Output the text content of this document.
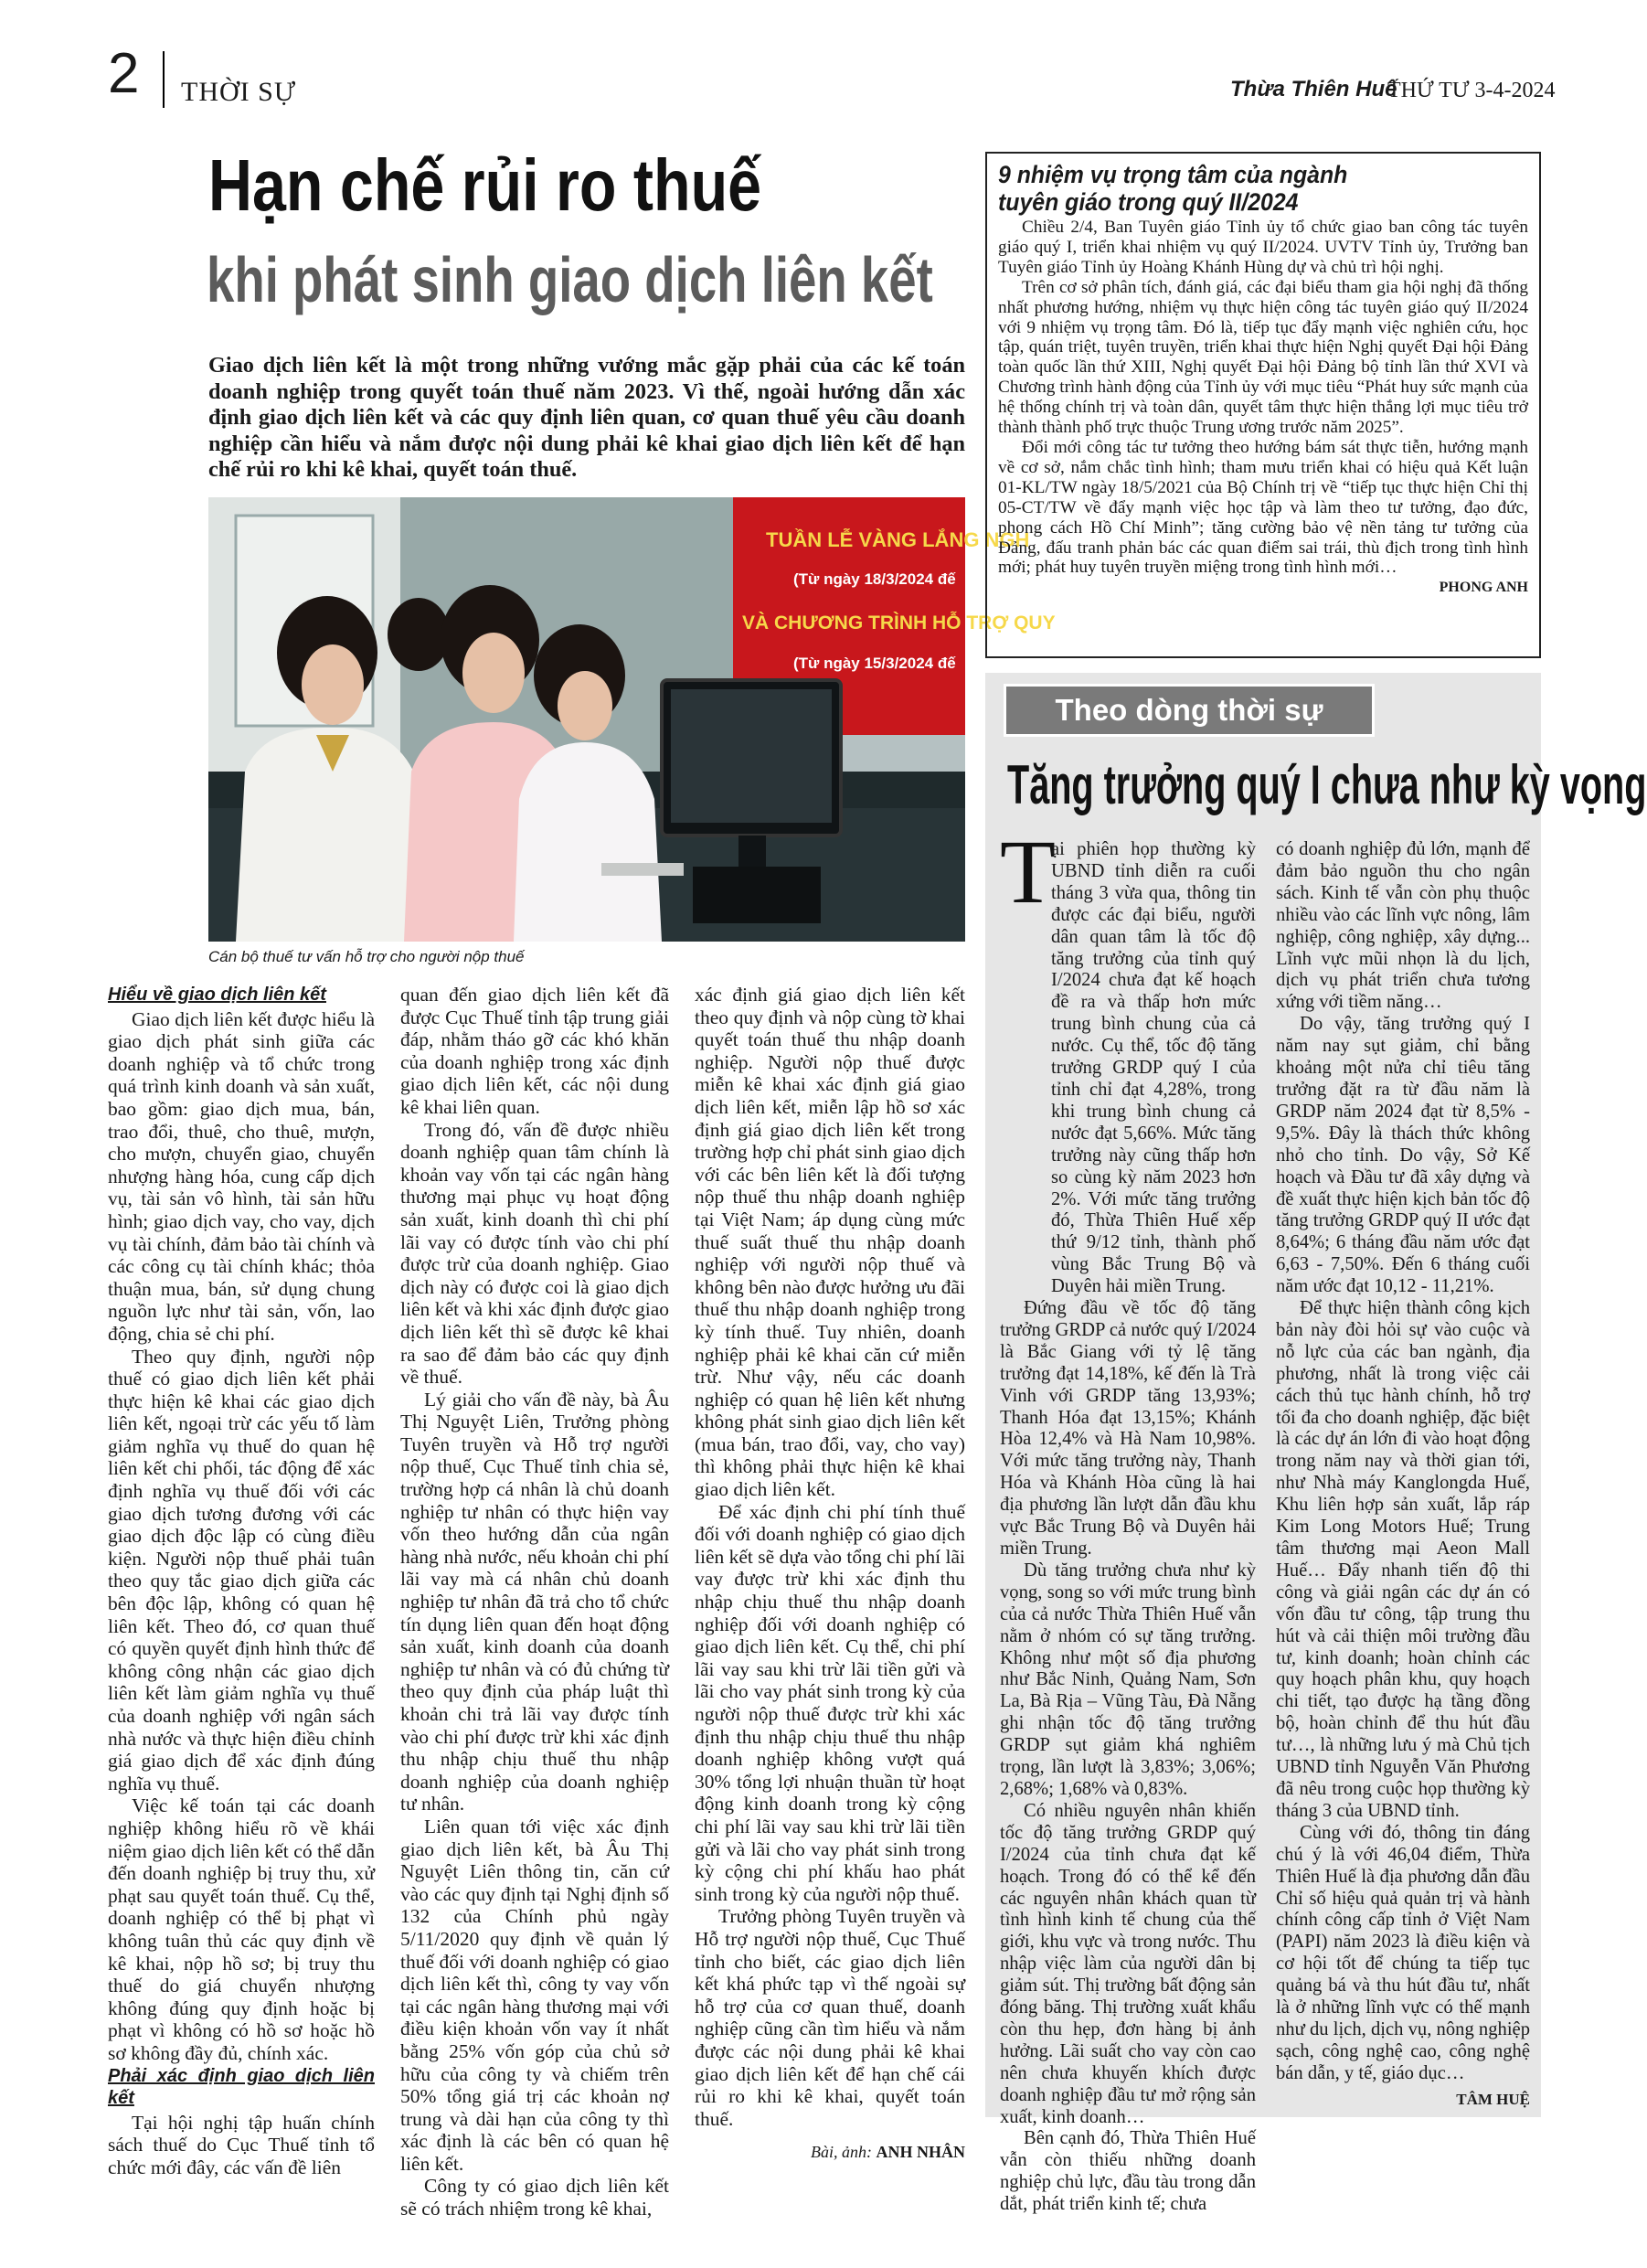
2 THỜI SỰ	Thừa Thiên Huế
THỨ TƯ 3-4-2024
Hạn chế rủi ro thuế
khi phát sinh giao dịch liên kết
Giao dịch liên kết là một trong những vướng mắc gặp phải của các kế toán doanh nghiệp trong quyết toán thuế năm 2023. Vì thế, ngoài hướng dẫn xác định giao dịch liên kết và các quy định liên quan, cơ quan thuế yêu cầu doanh nghiệp cần hiểu và nắm được nội dung phải kê khai giao dịch liên kết để hạn chế rủi ro khi kê khai, quyết toán thuế.
TUẦN LỄ VÀNG LẮNG NGH
(Từ ngày 18/3/2024 đế
VÀ CHƯƠNG TRÌNH HỖ TRỢ QUY
(Từ ngày 15/3/2024 đế
Cán bộ thuế tư vấn hỗ trợ cho người nộp thuế
Hiểu về giao dịch liên kết

Giao dịch liên kết được hiểu là giao dịch phát sinh giữa các doanh nghiệp và tổ chức trong quá trình kinh doanh và sản xuất, bao gồm: giao dịch mua, bán, trao đổi, thuê, cho thuê, mượn, cho mượn, chuyển giao, chuyển nhượng hàng hóa, cung cấp dịch vụ, tài sản vô hình, tài sản hữu hình; giao dịch vay, cho vay, dịch vụ tài chính, đảm bảo tài chính và các công cụ tài chính khác; thỏa thuận mua, bán, sử dụng chung nguồn lực như tài sản, vốn, lao động, chia sẻ chi phí.

Theo quy định, người nộp thuế có giao dịch liên kết phải thực hiện kê khai các giao dịch liên kết, ngoại trừ các yếu tố làm giảm nghĩa vụ thuế do quan hệ liên kết chi phối, tác động để xác định nghĩa vụ thuế đối với các giao dịch tương đương với các giao dịch độc lập có cùng điều kiện. Người nộp thuế phải tuân theo quy tắc giao dịch giữa các bên độc lập, không có quan hệ liên kết. Theo đó, cơ quan thuế có quyền quyết định hình thức để không công nhận các giao dịch liên kết làm giảm nghĩa vụ thuế của doanh nghiệp với ngân sách nhà nước và thực hiện điều chỉnh giá giao dịch để xác định đúng nghĩa vụ thuế.

Việc kế toán tại các doanh nghiệp không hiểu rõ về khái niệm giao dịch liên kết có thể dẫn đến doanh nghiệp bị truy thu, xử phạt sau quyết toán thuế. Cụ thể, doanh nghiệp có thể bị phạt vì không tuân thủ các quy định về kê khai, nộp hồ sơ; bị truy thu thuế do giá chuyển nhượng không đúng quy định hoặc bị phạt vì không có hồ sơ hoặc hồ sơ không đầy đủ, chính xác.

Phải xác định giao dịch liên kết

Tại hội nghị tập huấn chính sách thuế do Cục Thuế tỉnh tổ chức mới đây, các vấn đề liên

quan đến giao dịch liên kết đã được Cục Thuế tỉnh tập trung giải đáp, nhằm tháo gỡ các khó khăn của doanh nghiệp trong xác định giao dịch liên kết, các nội dung kê khai liên quan.

Trong đó, vấn đề được nhiều doanh nghiệp quan tâm chính là khoản vay vốn tại các ngân hàng thương mại phục vụ hoạt động sản xuất, kinh doanh thì chi phí lãi vay có được tính vào chi phí được trừ của doanh nghiệp. Giao dịch này có được coi là giao dịch liên kết và khi xác định được giao dịch liên kết thì sẽ được kê khai ra sao để đảm bảo các quy định về thuế.

Lý giải cho vấn đề này, bà Âu Thị Nguyệt Liên, Trưởng phòng Tuyên truyền và Hỗ trợ người nộp thuế, Cục Thuế tỉnh chia sẻ, trường hợp cá nhân là chủ doanh nghiệp tư nhân có thực hiện vay vốn theo hướng dẫn của ngân hàng nhà nước, nếu khoản chi phí lãi vay mà cá nhân chủ doanh nghiệp tư nhân đã trả cho tổ chức tín dụng liên quan đến hoạt động sản xuất, kinh doanh của doanh nghiệp tư nhân và có đủ chứng từ theo quy định của pháp luật thì khoản chi trả lãi vay được tính vào chi phí được trừ khi xác định thu nhập chịu thuế thu nhập doanh nghiệp của doanh nghiệp tư nhân.

Liên quan tới việc xác định giao dịch liên kết, bà Âu Thị Nguyệt Liên thông tin, căn cứ vào các quy định tại Nghị định số 132 của Chính phủ ngày 5/11/2020 quy định về quản lý thuế đối với doanh nghiệp có giao dịch liên kết thì, công ty vay vốn tại các ngân hàng thương mại với điều kiện khoản vốn vay ít nhất bằng 25% vốn góp của chủ sở hữu của công ty và chiếm trên 50% tổng giá trị các khoản nợ trung và dài hạn của công ty thì xác định là các bên có quan hệ liên kết.

Công ty có giao dịch liên kết sẽ có trách nhiệm trong kê khai,

xác định giá giao dịch liên kết theo quy định và nộp cùng tờ khai quyết toán thuế thu nhập doanh nghiệp. Người nộp thuế được miễn kê khai xác định giá giao dịch liên kết, miễn lập hồ sơ xác định giá giao dịch liên kết trong trường hợp chỉ phát sinh giao dịch với các bên liên kết là đối tượng nộp thuế thu nhập doanh nghiệp tại Việt Nam; áp dụng cùng mức thuế suất thuế thu nhập doanh nghiệp với người nộp thuế và không bên nào được hưởng ưu đãi thuế thu nhập doanh nghiệp trong kỳ tính thuế. Tuy nhiên, doanh nghiệp phải kê khai căn cứ miễn trừ. Như vậy, nếu các doanh nghiệp có quan hệ liên kết nhưng không phát sinh giao dịch liên kết (mua bán, trao đổi, vay, cho vay) thì không phải thực hiện kê khai giao dịch liên kết.

Để xác định chi phí tính thuế đối với doanh nghiệp có giao dịch liên kết sẽ dựa vào tổng chi phí lãi vay được trừ khi xác định thu nhập chịu thuế thu nhập doanh nghiệp đối với doanh nghiệp có giao dịch liên kết. Cụ thể, chi phí lãi vay sau khi trừ lãi tiền gửi và lãi cho vay phát sinh trong kỳ của người nộp thuế được trừ khi xác định thu nhập chịu thuế thu nhập doanh nghiệp không vượt quá 30% tổng lợi nhuận thuần từ hoạt động kinh doanh trong kỳ cộng chi phí lãi vay sau khi trừ lãi tiền gửi và lãi cho vay phát sinh trong kỳ cộng chi phí khấu hao phát sinh trong kỳ của người nộp thuế.

Trưởng phòng Tuyên truyền và Hỗ trợ người nộp thuế, Cục Thuế tỉnh cho biết, các giao dịch liên kết khá phức tạp vì thế ngoài sự hỗ trợ của cơ quan thuế, doanh nghiệp cũng cần tìm hiểu và nắm được các nội dung phải kê khai giao dịch liên kết để hạn chế cái rủi ro khi kê khai, quyết toán thuế.

Bài, ảnh: ANH NHÂN
9 nhiệm vụ trọng tâm của ngành
tuyên giáo trong quý II/2024

Chiều 2/4, Ban Tuyên giáo Tỉnh ủy tổ chức giao ban công tác tuyên giáo quý I, triển khai nhiệm vụ quý II/2024. UVTV Tỉnh ủy, Trưởng ban Tuyên giáo Tỉnh ủy Hoàng Khánh Hùng dự và chủ trì hội nghị.

Trên cơ sở phân tích, đánh giá, các đại biểu tham gia hội nghị đã thống nhất phương hướng, nhiệm vụ thực hiện công tác tuyên giáo quý II/2024 với 9 nhiệm vụ trọng tâm. Đó là, tiếp tục đẩy mạnh việc nghiên cứu, học tập, quán triệt, tuyên truyền, triển khai thực hiện Nghị quyết Đại hội Đảng toàn quốc lần thứ XIII, Nghị quyết Đại hội Đảng bộ tỉnh lần thứ XVI và Chương trình hành động của Tỉnh ủy với mục tiêu “Phát huy sức mạnh của hệ thống chính trị và toàn dân, quyết tâm thực hiện thắng lợi mục tiêu trở thành thành phố trực thuộc Trung ương trước năm 2025”.

Đổi mới công tác tư tưởng theo hướng bám sát thực tiễn, hướng mạnh về cơ sở, nắm chắc tình hình; tham mưu triển khai có hiệu quả Kết luận 01-KL/TW ngày 18/5/2021 của Bộ Chính trị về “tiếp tục thực hiện Chỉ thị 05-CT/TW về đẩy mạnh việc học tập và làm theo tư tưởng, đạo đức, phong cách Hồ Chí Minh”; tăng cường bảo vệ nền tảng tư tưởng của Đảng, đấu tranh phản bác các quan điểm sai trái, thù địch trong tình hình mới; phát huy tuyên truyền miệng trong tình hình mới…

PHONG ANH
Theo dòng thời sự
Tăng trưởng quý I chưa như kỳ vọng
T

ại phiên họp thường kỳ UBND tỉnh diễn ra cuối tháng 3 vừa qua, thông tin được các đại biểu, người dân quan tâm là tốc độ tăng trưởng của tỉnh quý I/2024 chưa đạt kế hoạch đề ra và thấp hơn mức trung bình chung của cả nước. Cụ thể, tốc độ tăng trưởng GRDP quý I của tỉnh chỉ đạt 4,28%, trong khi trung bình chung cả nước đạt 5,66%. Mức tăng trưởng này cũng thấp hơn so cùng kỳ năm 2023 hơn 2%. Với mức tăng trưởng đó, Thừa Thiên Huế xếp thứ 9/12 tỉnh, thành phố vùng Bắc Trung Bộ và Duyên hải miền Trung.

Đứng đầu về tốc độ tăng trưởng GRDP cả nước quý I/2024 là Bắc Giang với tỷ lệ tăng trưởng đạt 14,18%, kế đến là Trà Vinh với GRDP tăng 13,93%; Thanh Hóa đạt 13,15%; Khánh Hòa 12,4% và Hà Nam 10,98%. Với mức tăng trưởng này, Thanh Hóa và Khánh Hòa cũng là hai địa phương lần lượt dẫn đầu khu vực Bắc Trung Bộ và Duyên hải miền Trung.

Dù tăng trưởng chưa như kỳ vọng, song so với mức trung bình của cả nước Thừa Thiên Huế vẫn nằm ở nhóm có sự tăng trưởng. Không như một số địa phương như Bắc Ninh, Quảng Nam, Sơn La, Bà Rịa – Vũng Tàu, Đà Nẵng ghi nhận tốc độ tăng trưởng GRDP sụt giảm khá nghiêm trọng, lần lượt là 3,83%; 3,06%; 2,68%; 1,68% và 0,83%.

Có nhiều nguyên nhân khiến tốc độ tăng trưởng GRDP quý I/2024 của tỉnh chưa đạt kế hoạch. Trong đó có thể kể đến các nguyên nhân khách quan từ tình hình kinh tế chung của thế giới, khu vực và trong nước. Thu nhập việc làm của người dân bị giảm sút. Thị trường bất động sản đóng băng. Thị trường xuất khẩu còn thu hẹp, đơn hàng bị ảnh hưởng. Lãi suất cho vay còn cao nên chưa khuyến khích được doanh nghiệp đầu tư mở rộng sản xuất, kinh doanh…

Bên cạnh đó, Thừa Thiên Huế vẫn còn thiếu những doanh nghiệp chủ lực, đầu tàu trong dẫn dắt, phát triển kinh tế; chưa

có doanh nghiệp đủ lớn, mạnh để đảm bảo nguồn thu cho ngân sách. Kinh tế vẫn còn phụ thuộc nhiều vào các lĩnh vực nông, lâm nghiệp, công nghiệp, xây dựng... Lĩnh vực mũi nhọn là du lịch, dịch vụ phát triển chưa tương xứng với tiềm năng…

Do vậy, tăng trưởng quý I năm nay sụt giảm, chỉ bằng khoảng một nửa chỉ tiêu tăng trưởng đặt ra từ đầu năm là GRDP năm 2024 đạt từ 8,5% - 9,5%. Đây là thách thức không nhỏ cho tỉnh. Do vậy, Sở Kế hoạch và Đầu tư đã xây dựng và đề xuất thực hiện kịch bản tốc độ tăng trưởng GRDP quý II ước đạt 8,64%; 6 tháng đầu năm ước đạt 6,63 - 7,50%. Đến 6 tháng cuối năm ước đạt 10,12 - 11,21%.

Để thực hiện thành công kịch bản này đòi hỏi sự vào cuộc và nỗ lực của các ban ngành, địa phương, nhất là trong việc cải cách thủ tục hành chính, hỗ trợ tối đa cho doanh nghiệp, đặc biệt là các dự án lớn đi vào hoạt động trong năm nay và thời gian tới, như Nhà máy Kanglongda Huế, Khu liên hợp sản xuất, lắp ráp Kim Long Motors Huế; Trung tâm thương mại Aeon Mall Huế… Đẩy nhanh tiến độ thi công và giải ngân các dự án có vốn đầu tư công, tập trung thu hút và cải thiện môi trường đầu tư, kinh doanh; hoàn chỉnh các quy hoạch phân khu, quy hoạch chi tiết, tạo được hạ tầng đồng bộ, hoàn chỉnh để thu hút đầu tư…, là những lưu ý mà Chủ tịch UBND tỉnh Nguyễn Văn Phương đã nêu trong cuộc họp thường kỳ tháng 3 của UBND tỉnh.

Cùng với đó, thông tin đáng chú ý là với 46,04 điểm, Thừa Thiên Huế là địa phương dẫn đầu Chỉ số hiệu quả quản trị và hành chính công cấp tỉnh ở Việt Nam (PAPI) năm 2023 là điều kiện và cơ hội tốt để chúng ta tiếp tục quảng bá và thu hút đầu tư, nhất là ở những lĩnh vực có thế mạnh như du lịch, dịch vụ, nông nghiệp sạch, công nghệ cao, công nghệ bán dẫn, y tế, giáo dục…

TÂM HUỆ
